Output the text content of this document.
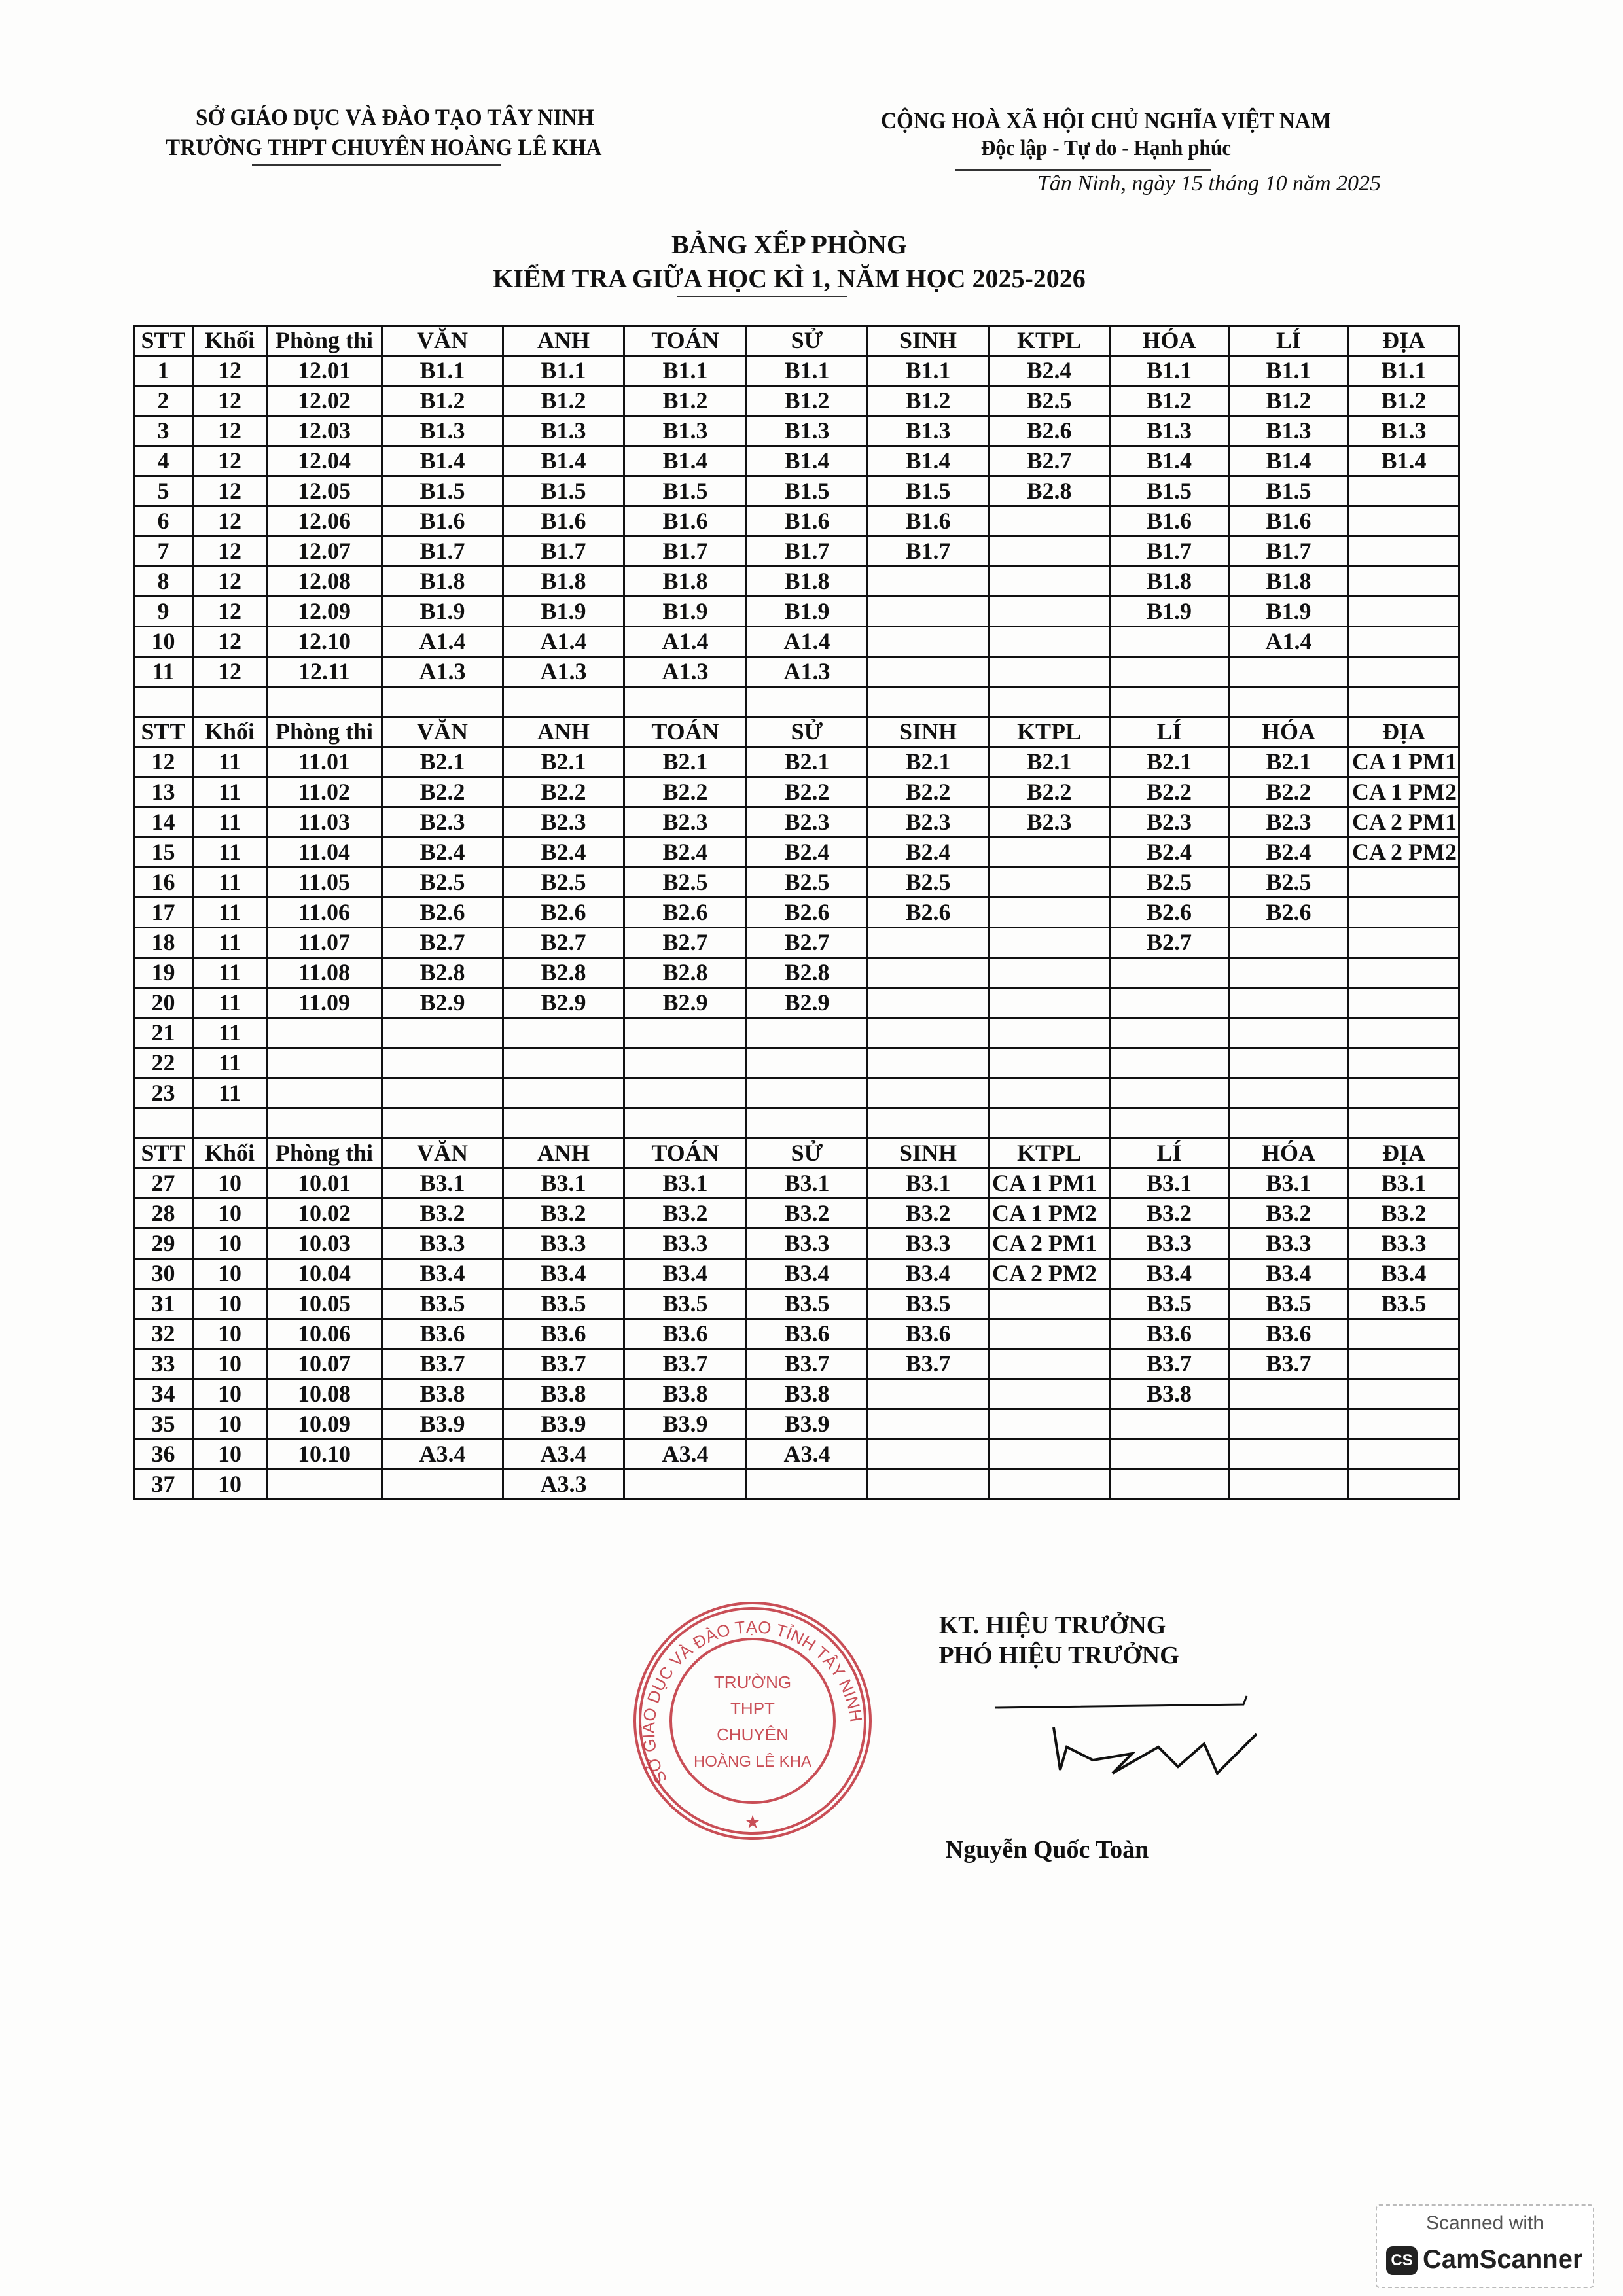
SỞ GIÁO DỤC VÀ ĐÀO TẠO TÂY NINH
TRƯỜNG THPT CHUYÊN HOÀNG LÊ KHA
CỘNG HOÀ XÃ HỘI CHỦ NGHĨA VIỆT NAM
Độc lập - Tự do - Hạnh phúc
Tân Ninh, ngày 15 tháng 10 năm 2025
BẢNG XẾP PHÒNG
KIỂM TRA GIỮA HỌC KÌ 1, NĂM HỌC 2025-2026
STT	Khối	Phòng thi	VĂN	ANH	TOÁN	SỬ	SINH	KTPL	HÓA	LÍ	ĐỊA
1	12	12.01	B1.1	B1.1	B1.1	B1.1	B1.1	B2.4	B1.1	B1.1	B1.1
2	12	12.02	B1.2	B1.2	B1.2	B1.2	B1.2	B2.5	B1.2	B1.2	B1.2
3	12	12.03	B1.3	B1.3	B1.3	B1.3	B1.3	B2.6	B1.3	B1.3	B1.3
4	12	12.04	B1.4	B1.4	B1.4	B1.4	B1.4	B2.7	B1.4	B1.4	B1.4
5	12	12.05	B1.5	B1.5	B1.5	B1.5	B1.5	B2.8	B1.5	B1.5	
6	12	12.06	B1.6	B1.6	B1.6	B1.6	B1.6		B1.6	B1.6	
7	12	12.07	B1.7	B1.7	B1.7	B1.7	B1.7		B1.7	B1.7	
8	12	12.08	B1.8	B1.8	B1.8	B1.8			B1.8	B1.8	
9	12	12.09	B1.9	B1.9	B1.9	B1.9			B1.9	B1.9	
10	12	12.10	A1.4	A1.4	A1.4	A1.4				A1.4	
11	12	12.11	A1.3	A1.3	A1.3	A1.3					

STT	Khối	Phòng thi	VĂN	ANH	TOÁN	SỬ	SINH	KTPL	LÍ	HÓA	ĐỊA
12	11	11.01	B2.1	B2.1	B2.1	B2.1	B2.1	B2.1	B2.1	B2.1	CA 1 PM1
13	11	11.02	B2.2	B2.2	B2.2	B2.2	B2.2	B2.2	B2.2	B2.2	CA 1 PM2
14	11	11.03	B2.3	B2.3	B2.3	B2.3	B2.3	B2.3	B2.3	B2.3	CA 2 PM1
15	11	11.04	B2.4	B2.4	B2.4	B2.4	B2.4		B2.4	B2.4	CA 2 PM2
16	11	11.05	B2.5	B2.5	B2.5	B2.5	B2.5		B2.5	B2.5	
17	11	11.06	B2.6	B2.6	B2.6	B2.6	B2.6		B2.6	B2.6	
18	11	11.07	B2.7	B2.7	B2.7	B2.7			B2.7		
19	11	11.08	B2.8	B2.8	B2.8	B2.8					
20	11	11.09	B2.9	B2.9	B2.9	B2.9					
21	11										
22	11										
23	11										

STT	Khối	Phòng thi	VĂN	ANH	TOÁN	SỬ	SINH	KTPL	LÍ	HÓA	ĐỊA
27	10	10.01	B3.1	B3.1	B3.1	B3.1	B3.1	CA 1 PM1	B3.1	B3.1	B3.1
28	10	10.02	B3.2	B3.2	B3.2	B3.2	B3.2	CA 1 PM2	B3.2	B3.2	B3.2
29	10	10.03	B3.3	B3.3	B3.3	B3.3	B3.3	CA 2 PM1	B3.3	B3.3	B3.3
30	10	10.04	B3.4	B3.4	B3.4	B3.4	B3.4	CA 2 PM2	B3.4	B3.4	B3.4
31	10	10.05	B3.5	B3.5	B3.5	B3.5	B3.5		B3.5	B3.5	B3.5
32	10	10.06	B3.6	B3.6	B3.6	B3.6	B3.6		B3.6	B3.6	
33	10	10.07	B3.7	B3.7	B3.7	B3.7	B3.7		B3.7	B3.7	
34	10	10.08	B3.8	B3.8	B3.8	B3.8			B3.8		
35	10	10.09	B3.9	B3.9	B3.9	B3.9					
36	10	10.10	A3.4	A3.4	A3.4	A3.4					
37	10			A3.3							
SỞ GIÁO DỤC VÀ ĐÀO TẠO TỈNH TÂY NINH
TRƯỜNG
THPT
CHUYÊN
HOÀNG LÊ KHA
★
KT. HIỆU TRƯỞNG
PHÓ HIỆU TRƯỞNG
Nguyễn Quốc Toàn
Scanned with
CS CamScanner
